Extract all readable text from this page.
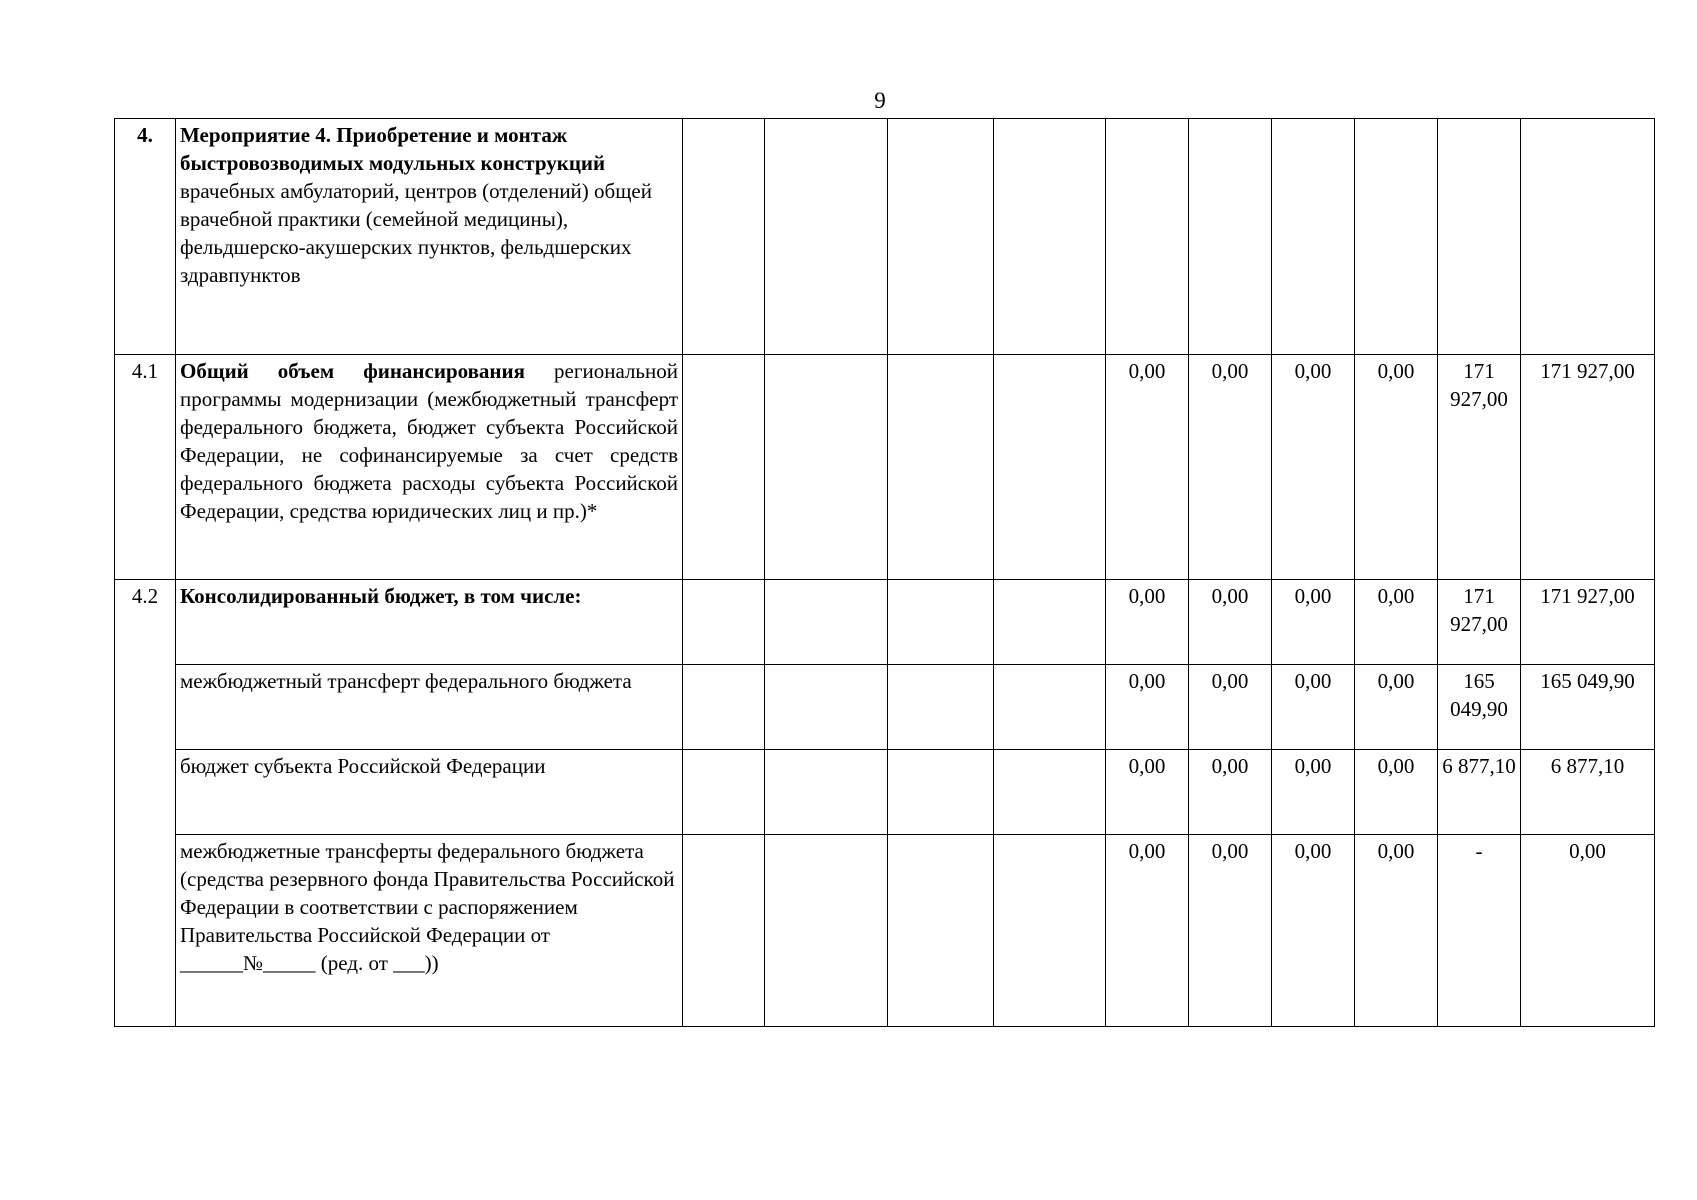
9
4.	Мероприятие 4. Приобретение и монтаж быстровозводимых модульных конструкций врачебных амбулаторий, центров (отделений) общей врачебной практики (семейной медицины), фельдшерско-акушерских пунктов, фельдшерских здравпунктов										
4.1	Общий объем финансирования региональной программы модернизации (межбюджетный трансферт федерального бюджета, бюджет субъекта Российской Федерации, не софинансируемые за счет средств федерального бюджета расходы субъекта Российской Федерации, средства юридических лиц и пр.)*					0,00	0,00	0,00	0,00	171 927,00	171 927,00
4.2	Консолидированный бюджет, в том числе:					0,00	0,00	0,00	0,00	171 927,00	171 927,00
	межбюджетный трансферт федерального бюджета					0,00	0,00	0,00	0,00	165 049,90	165 049,90
	бюджет субъекта Российской Федерации					0,00	0,00	0,00	0,00	6 877,10	6 877,10
	межбюджетные трансферты федерального бюджета (средства резервного фонда Правительства Российской Федерации в соответствии с распоряжением Правительства Российской Федерации от ______№_____ (ред. от ___))					0,00	0,00	0,00	0,00	-	0,00
